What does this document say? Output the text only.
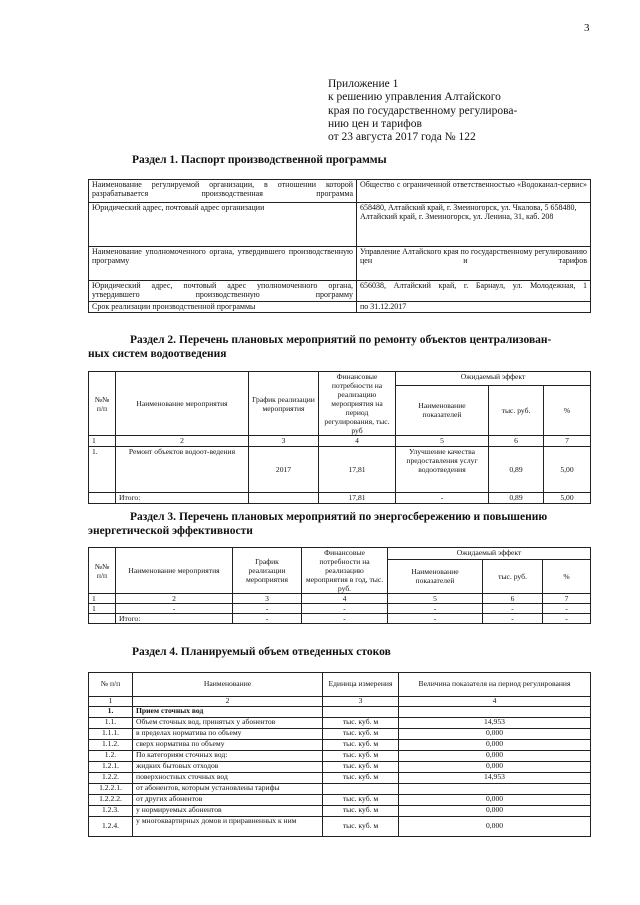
3
Приложение 1
к решению управления Алтайского
края по государственному регулирова-
нию цен и тарифов
от 23 августа 2017 года № 122
Раздел 1. Паспорт производственной программы
Наименование регулируемой организации, в отношении которой разрабатывается производственная программа	Общество с ограниченной ответственностью «Водоканал-сервис»
Юридический адрес, почтовый адрес организации	658480, Алтайский край, г. Змеиногорск, ул. Чкалова, 5 658480, Алтайский край, г. Змеиногорск, ул. Ленина, 31, каб. 208
Наименование уполномоченного органа, утвердившего производственную программу	Управление Алтайского края по государственному регулированию цен и тарифов
Юридический адрес, почтовый адрес уполномоченного органа, утвердившего производственную программу	656038, Алтайский край, г. Барнаул, ул. Молодежная, 1
Срок реализации производственной программы	по 31.12.2017
Раздел 2. Перечень плановых мероприятий по ремонту объектов централизован-
ных систем водоотведения
№№ п/п	Наименование мероприятия	График реализации мероприятия	Финансовые потребности на реализацию мероприятия на период регулирования, тыс. руб	Ожидаемый эффект		
				Наименование показателей	тыс. руб.	%
1	2	3	4	5	6	7
1.	Ремонт объектов водоот-ведения	2017	17,81	Улучшение качества предоставления услуг водоотведения	0,89	5,00
	Итого:		17,81	-	0,89	5,00
Раздел 3. Перечень плановых мероприятий по энергосбережению и повышению
энергетической эффективности
№№ п/п	Наименование мероприятия	График реализации мероприятия	Финансовые потребности на реализацию мероприятия в год, тыс. руб.	Ожидаемый эффект		
				Наименование показателей	тыс. руб.	%
1	2	3	4	5	6	7
1	-	-	-	-	-	-
	Итого:	-	-	-	-	-
Раздел 4. Планируемый объем отведенных стоков
№ п/п	Наименование	Единица измерения	Величина показателя на период регулирования
1	2	3	4
1.	Прием сточных вод		
1.1.	Объем сточных вод, принятых у абонентов	тыс. куб. м	14,953
1.1.1.	в пределах норматива по объему	тыс. куб. м	0,000
1.1.2.	сверх норматива по объему	тыс. куб. м	0,000
1.2.	По категориям сточных вод:	тыс. куб. м	0,000
1.2.1.	жидких бытовых отходов	тыс. куб. м	0,000
1.2.2.	поверхностных сточных вод	тыс. куб. м	14,953
1.2.2.1.	от абонентов, которым установлены тарифы		
1.2.2.2.	от других абонентов	тыс. куб. м	0,000
1.2.3.	у нормируемых абонентов	тыс. куб. м	0,000
1.2.4.	у многоквартирных домов и приравненных к ним	тыс. куб. м	0,000
